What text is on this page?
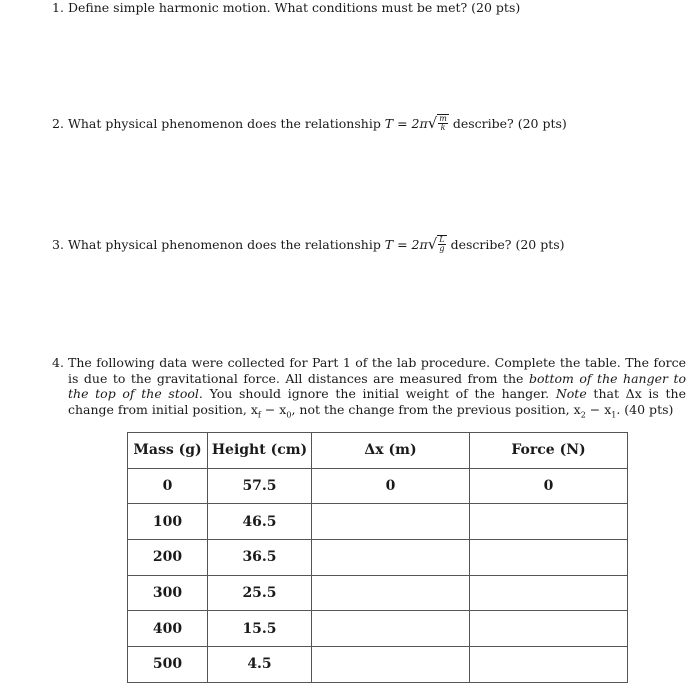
1. Define simple harmonic motion. What conditions must be met? (20 pts)
2. What physical phenomenon does the relationship T = 2π √ $\frac{m}{k}$ describe? (20 pts)
3. What physical phenomenon does the relationship T = 2π √ $\frac{L}{g}$ describe? (20 pts)
4. The following data were collected for Part 1 of the lab procedure. Complete the table. The force is due to the gravitational force. All distances are measured from the bottom of the hanger to the top of the stool. You should ignore the initial weight of the hanger. Note that Δx is the change from initial position, $x_f - x_0$, not the change from the previous position, $x_2 - x_1$. (40 pts)
Mass (g)	Height (cm)	Δx (m)	Force (N)
0	57.5	0	0
100	46.5		
200	36.5		
300	25.5		
400	15.5		
500	4.5		
